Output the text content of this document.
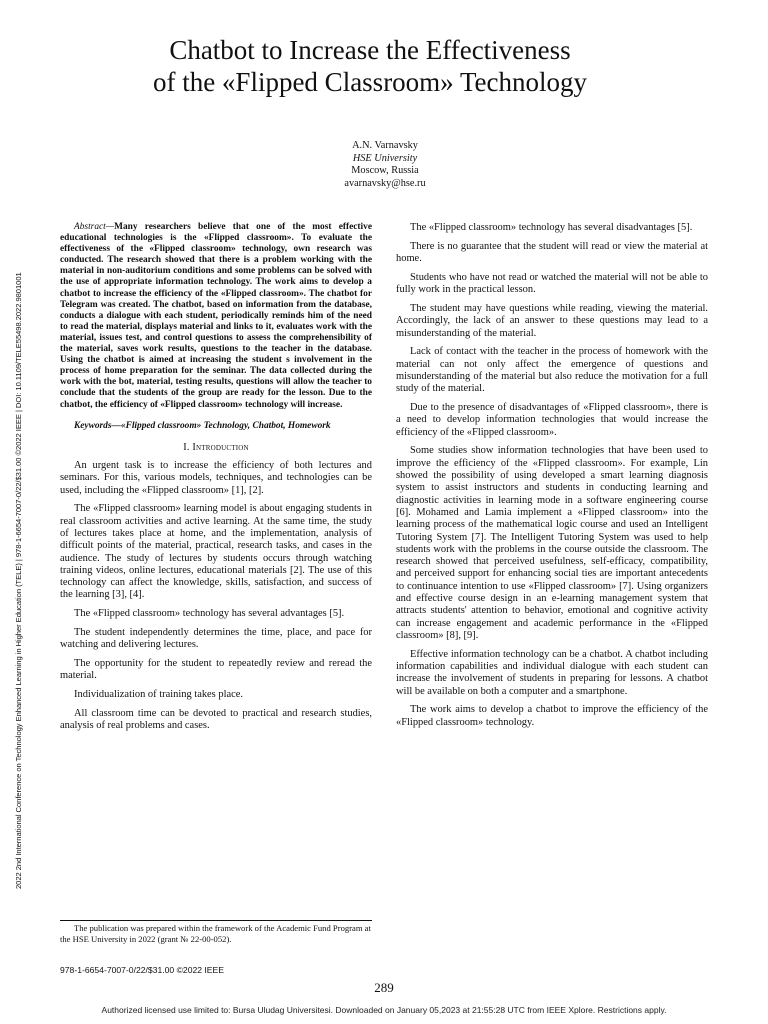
Chatbot to Increase the Effectiveness
of the «Flipped Classroom» Technology
A.N. Varnavsky
HSE University
Moscow, Russia
avarnavsky@hse.ru
2022 2nd International Conference on Technology Enhanced Learning in Higher Education (TELE) | 978-1-6654-7007-0/22/$31.00 ©2022 IEEE | DOI: 10.1109/TELE55498.2022.9801001

Abstract—Many researchers believe that one of the most effective educational technologies is the «Flipped classroom». To evaluate the effectiveness of the «Flipped classroom» technology, own research was conducted. The research showed that there is a problem working with the material in non-auditorium conditions and some problems can be solved with the use of appropriate information technology. The work aims to develop a chatbot to increase the efficiency of the «Flipped classroom». The chatbot for Telegram was created. The chatbot, based on information from the database, conducts a dialogue with each student, periodically reminds him of the need to read the material, displays material and links to it, evaluates work with the material, issues test, and control questions to assess the comprehensibility of the material, saves work results, questions to the teacher in the database. Using the chatbot is aimed at increasing the student s involvement in the process of home preparation for the seminar. The data collected during the work with the bot, material, testing results, questions will allow the teacher to conclude that the students of the group are ready for the lesson. Due to the chatbot, the efficiency of «Flipped classroom» technology will increase.

Keywords—«Flipped classroom» Technology, Chatbot, Homework

I. Introduction

An urgent task is to increase the efficiency of both lectures and seminars. For this, various models, techniques, and technologies can be used, including the «Flipped classroom» [1], [2].

The «Flipped classroom» learning model is about engaging students in real classroom activities and active learning. At the same time, the study of lectures takes place at home, and the implementation, analysis of difficult points of the material, practical, research tasks, and cases in the audience. The study of lectures by students occurs through watching training videos, online lectures, educational materials [2]. The use of this technology can affect the knowledge, skills, satisfaction, and success of the learning [3], [4].

The «Flipped classroom» technology has several advantages [5].

The student independently determines the time, place, and pace for watching and delivering lectures.

The opportunity for the student to repeatedly review and reread the material.

Individualization of training takes place.

All classroom time can be devoted to practical and research studies, analysis of real problems and cases.

The «Flipped classroom» technology has several disadvantages [5].

There is no guarantee that the student will read or view the material at home.

Students who have not read or watched the material will not be able to fully work in the practical lesson.

The student may have questions while reading, viewing the material. Accordingly, the lack of an answer to these questions may lead to a misunderstanding of the material.

Lack of contact with the teacher in the process of homework with the material can not only affect the emergence of questions and misunderstanding of the material but also reduce the motivation for a full study of the material.

Due to the presence of disadvantages of «Flipped classroom», there is a need to develop information technologies that would increase the efficiency of the «Flipped classroom».

Some studies show information technologies that have been used to improve the efficiency of the «Flipped classroom». For example, Lin showed the possibility of using developed a smart learning diagnosis system to assist instructors and students in conducting learning and diagnostic activities in learning mode in a software engineering course [6]. Mohamed and Lamia implement a «Flipped classroom» into the learning process of the mathematical logic course and used an Intelligent Tutoring System [7]. The Intelligent Tutoring System was used to help students work with the problems in the course outside the classroom. The research showed that perceived usefulness, self-efficacy, compatibility, and perceived support for enhancing social ties are important antecedents to continuance intention to use «Flipped classroom» [7]. Using organizers and effective course design in an e-learning management system that attracts students' attention to behavior, emotional and cognitive activity can increase engagement and academic performance in the «Flipped classroom» [8], [9].

Effective information technology can be a chatbot. A chatbot including information capabilities and individual dialogue with each student can increase the involvement of students in preparing for lessons. A chatbot will be available on both a computer and a smartphone.

The work aims to develop a chatbot to improve the efficiency of the «Flipped classroom» technology.

The publication was prepared within the framework of the Academic Fund Program at the HSE University in 2022 (grant № 22-00-052).
978-1-6654-7007-0/22/$31.00 ©2022 IEEE
289
Authorized licensed use limited to: Bursa Uludag Universitesi. Downloaded on January 05,2023 at 21:55:28 UTC from IEEE Xplore. Restrictions apply.
